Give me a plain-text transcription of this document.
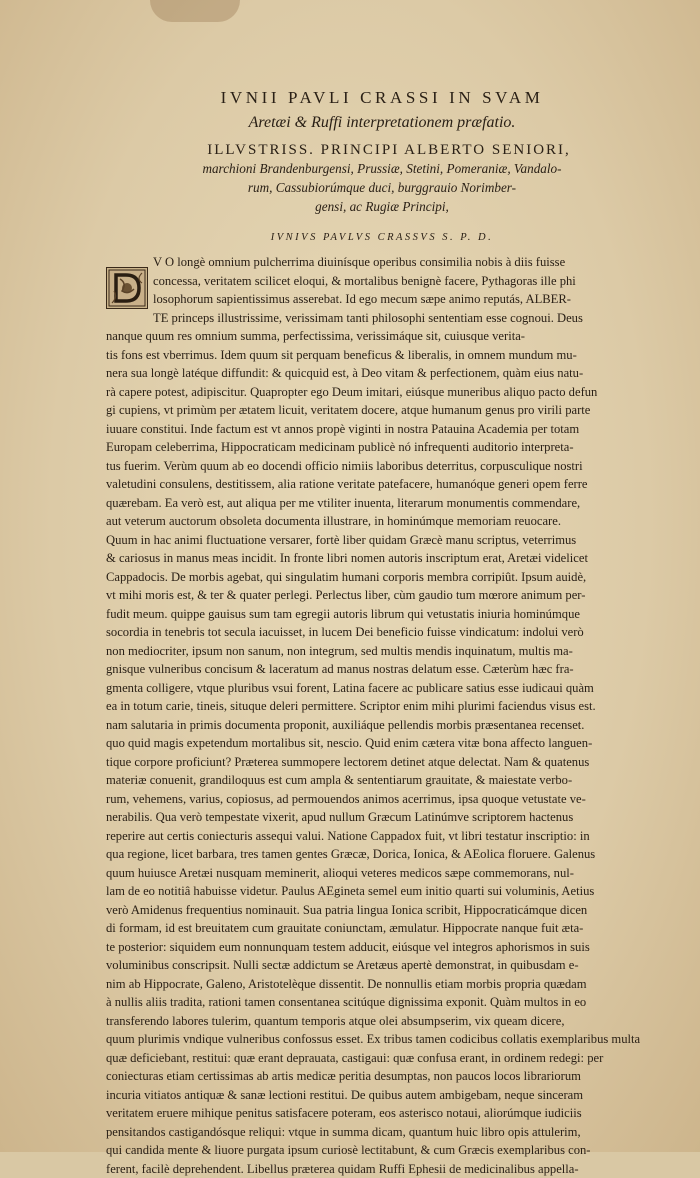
IVNII PAVLI CRASSI IN SVAM

Aretæi & Ruffi interpretationem præfatio.

ILLVSTRISS. PRINCIPI ALBERTO SENIORI,

marchioni Brandenburgensi, Prussiæ, Stetini, Pomeraniæ, Vandalo-

rum, Cassubiorúmque duci, burggrauio Norimber-

gensi, ac Rugiæ Principi,

IVNIVS PAVLVS CRASSVS S. P. D.

V O longè omnium pulcherrima diuinísque operibus consimilia nobis à diis fuisse
concessa, veritatem scilicet eloqui, & mortalibus benignè facere, Pythagoras ille phi
losophorum sapientissimus asserebat. Id ego mecum sæpe animo reputás, ALBER-
TE princeps illustrissime, verissimam tanti philosophi sententiam esse cognoui. Deus
nanque quum res omnium summa, perfectissima, verissimáque sit, cuiusque verita-
tis fons est vberrimus. Idem quum sit perquam beneficus & liberalis, in omnem mundum mu-
nera sua longè latéque diffundit: & quicquid est, à Deo vitam & perfectionem, quàm eius natu-
rà capere potest, adipiscitur. Quapropter ego Deum imitari, eiúsque muneribus aliquo pacto defun
gi cupiens, vt primùm per ætatem licuit, veritatem docere, atque humanum genus pro virili parte
iuuare constitui. Inde factum est vt annos propè viginti in nostra Patauina Academia per totam
Europam celeberrima, Hippocraticam medicinam publicè nó infrequenti auditorio interpreta-
tus fuerim. Verùm quum ab eo docendi officio nimiis laboribus deterritus, corpusculique nostri
valetudini consulens, destitissem, alia ratione veritate patefacere, humanóque generi opem ferre
quærebam. Ea verò est, aut aliqua per me vtiliter inuenta, literarum monumentis commendare,
aut veterum auctorum obsoleta documenta illustrare, in hominúmque memoriam reuocare.
Quum in hac animi fluctuatione versarer, fortè liber quidam Græcè manu scriptus, veterrimus
& cariosus in manus meas incidit. In fronte libri nomen autoris inscriptum erat, Aretæi videlicet
Cappadocis. De morbis agebat, qui singulatim humani corporis membra corripiût. Ipsum auidè,
vt mihi moris est, & ter & quater perlegi. Perlectus liber, cùm gaudio tum mœrore animum per-
fudit meum. quippe gauisus sum tam egregii autoris librum qui vetustatis iniuria hominúmque
socordia in tenebris tot secula iacuisset, in lucem Dei beneficio fuisse vindicatum: indolui verò
non mediocriter, ipsum non sanum, non integrum, sed multis mendis inquinatum, multis ma-
gnisque vulneribus concisum & laceratum ad manus nostras delatum esse. Cæterùm hæc fra-
gmenta colligere, vtque pluribus vsui forent, Latina facere ac publicare satius esse iudicaui quàm
ea in totum carie, tineis, situque deleri permittere. Scriptor enim mihi plurimi faciendus visus est.
nam salutaria in primis documenta proponit, auxiliáque pellendis morbis præsentanea recenset.
quo quid magis expetendum mortalibus sit, nescio. Quid enim cætera vitæ bona affecto languen-
tique corpore proficiunt? Præterea summopere lectorem detinet atque delectat. Nam & quatenus
materiæ conuenit, grandiloquus est cum ampla & sententiarum grauitate, & maiestate verbo-
rum, vehemens, varius, copiosus, ad permouendos animos acerrimus, ipsa quoque vetustate ve-
nerabilis. Qua verò tempestate vixerit, apud nullum Græcum Latinúmve scriptorem hactenus
reperire aut certis coniecturis assequi valui. Natione Cappadox fuit, vt libri testatur inscriptio: in
qua regione, licet barbara, tres tamen gentes Græcæ, Dorica, Ionica, & AEolica floruere. Galenus
quum huiusce Aretæi nusquam meminerit, alioqui veteres medicos sæpe commemorans, nul-
lam de eo notitiâ habuisse videtur. Paulus AEgineta semel eum initio quarti sui voluminis, Aetius
verò Amidenus frequentius nominauit. Sua patria lingua Ionica scribit, Hippocraticámque dicen
di formam, id est breuitatem cum grauitate coniunctam, æmulatur. Hippocrate nanque fuit æta-
te posterior: siquidem eum nonnunquam testem adducit, eiúsque vel integros aphorismos in suis
voluminibus conscripsit. Nulli sectæ addictum se Aretæus apertè demonstrat, in quibusdam e-
nim ab Hippocrate, Galeno, Aristotelèque dissentit. De nonnullis etiam morbis propria quædam
à nullis aliis tradita, rationi tamen consentanea scitúque dignissima exponit. Quàm multos in eo
transferendo labores tulerim, quantum temporis atque olei absumpserim, vix queam dicere,
quum plurimis vndique vulneribus confossus esset. Ex tribus tamen codicibus collatis exemplaribus multa
quæ deficiebant, restitui: quæ erant deprauata, castigaui: quæ confusa erant, in ordinem redegi: per
coniecturas etiam certissimas ab artis medicæ peritia desumptas, non paucos locos librariorum
incuria vitiatos antiquæ & sanæ lectioni restitui. De quibus autem ambigebam, neque sinceram
veritatem eruere mihique penitus satisfacere poteram, eos asterisco notaui, aliorúmque iudiciis
pensitandos castigandósque reliqui: vtque in summa dicam, quantum huic libro opis attulerim,
qui candida mente & liuore purgata ipsum curiosè lectitabunt, & cum Græcis exemplaribus con-
ferent, facilè deprehendent. Libellus præterea quidam Ruffi Ephesii de medicinalibus appella-
